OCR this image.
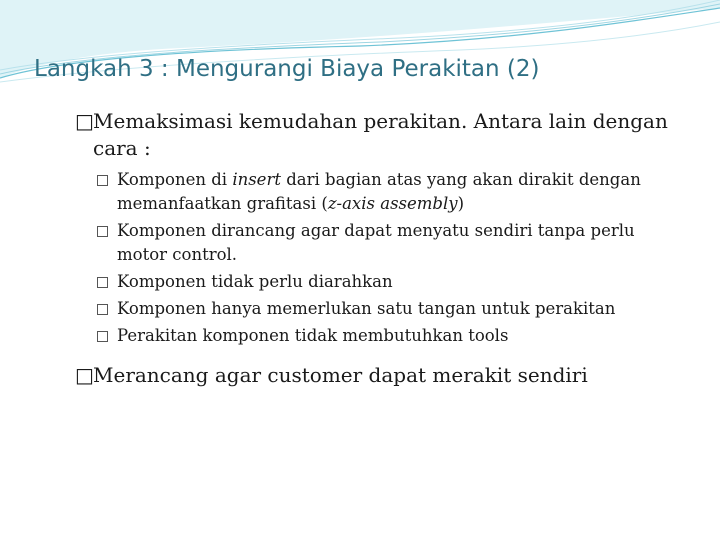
Langkah 3 : Mengurangi Biaya Perakitan (2)
□ Memaksimasi kemudahan perakitan. Antara lain dengan cara :
Komponen di insert dari bagian atas yang akan dirakit dengan memanfaatkan grafitasi (z-axis assembly)
Komponen dirancang agar dapat menyatu sendiri tanpa perlu motor control.
Komponen tidak perlu diarahkan
Komponen hanya memerlukan satu tangan untuk perakitan
Perakitan komponen tidak membutuhkan tools
□ Merancang agar customer dapat merakit sendiri
